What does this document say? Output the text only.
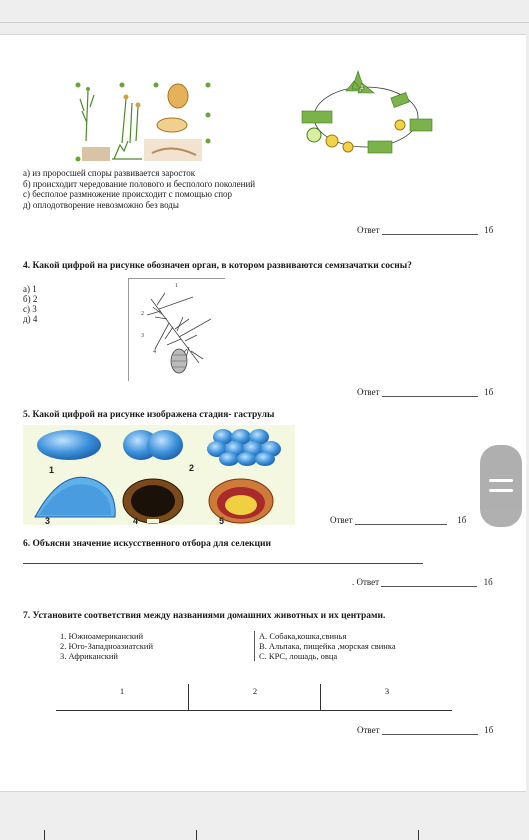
а) из проросшей споры развивается заросток
б) происходит чередование полового и бесполого поколений
с) бесполое размножение происходит с помощью спор
д) оплодотворение невозможно без воды
Ответ	1б
4. Какой цифрой на рисунке обозначен орган, в котором развиваются семязачатки сосны?
а) 1
б) 2
с) 3
д) 4
1
2
3
4
Ответ	1б
5. Какой цифрой на рисунке изображена стадия- гаструлы
1	2
3	4	5	Ответ	1б
6. Объясни значение искусственного отбора для селекции
. Ответ	1б
7. Установите соответствия между названиями домашних животных и их центрами.
1. Южноамериканский
2. Юго-Западноазиатский
3. Африканский

А. Собака,кошка,свинья
В. Альпака, пищейка ,морская свинка
С. КРС, лошадь, овца
1	2	3
Ответ	1б
